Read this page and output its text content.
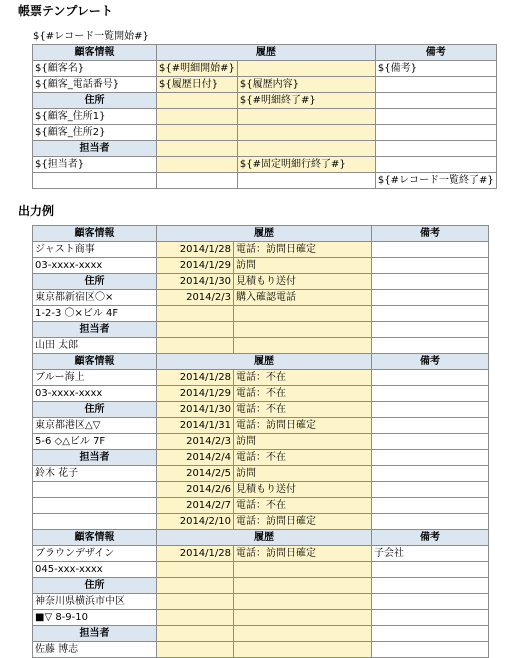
帳票テンプレート
${#レコード一覧開始#}
顧客情報	履歴		備考
${顧客名}	${#明細開始#}		${備考}
${顧客_電話番号}	${履歴日付}	${履歴内容}	
住所		${#明細終了#}	
${顧客_住所1}			
${顧客_住所2}			
担当者			
${担当者}		${#固定明細行終了#}	
			${#レコード一覧終了#}
出力例
顧客情報	履歴		備考
ジャスト商事	2014/1/28	電話：訪問日確定	
03-xxxx-xxxx	2014/1/29	訪問	
住所	2014/1/30	見積もり送付	
東京都新宿区〇×	2014/2/3	購入確認電話	
1-2-3 〇×ビル 4F			
担当者			
山田 太郎			
顧客情報	履歴		備考
ブルー海上	2014/1/28	電話：不在	
03-xxxx-xxxx	2014/1/29	電話：不在	
住所	2014/1/30	電話：不在	
東京都港区△▽	2014/1/31	電話：訪問日確定	
5-6 ◇△ビル 7F	2014/2/3	訪問	
担当者	2014/2/4	電話：不在	
鈴木 花子	2014/2/5	訪問	
	2014/2/6	見積もり送付	
	2014/2/7	電話：不在	
	2014/2/10	電話：訪問日確定	
顧客情報	履歴		備考
ブラウンデザイン	2014/1/28	電話：訪問日確定	子会社
045-xxx-xxxx			
住所			
神奈川県横浜市中区			
■▽ 8-9-10			
担当者			
佐藤 博志			
